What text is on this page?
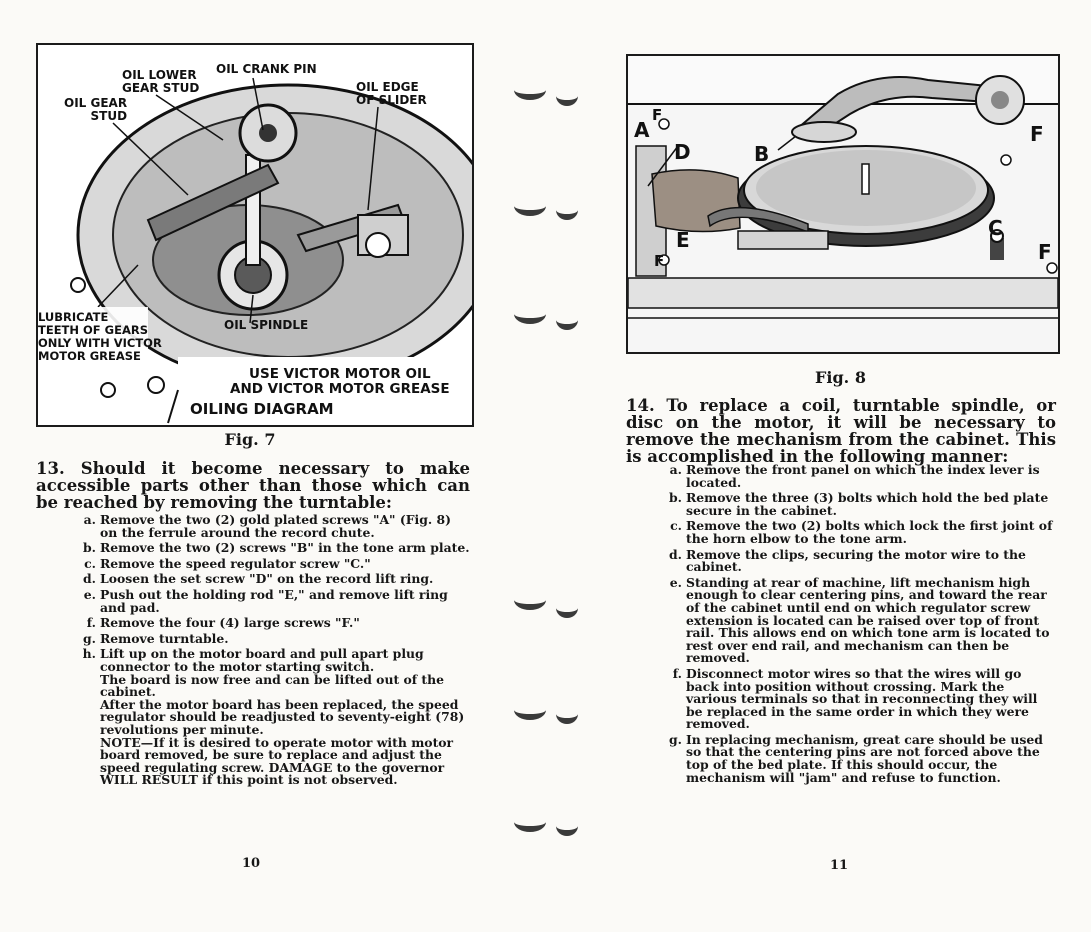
OIL LOWER
GEAR STUD
OIL CRANK PIN
OIL EDGE
OF SLIDER
OIL GEAR
STUD
LUBRICATE
TEETH OF GEARS
ONLY WITH VICTOR
MOTOR GREASE
OIL SPINDLE
USE VICTOR MOTOR OIL
AND VICTOR MOTOR GREASE
OILING DIAGRAM
Fig. 7
13. Should it become necessary to make accessible parts other than those which can be reached by removing the turntable:
a. Remove the two (2) gold plated screws "A" (Fig. 8) on the ferrule around the record chute.
b. Remove the two (2) screws "B" in the tone arm plate.
c. Remove the speed regulator screw "C."
d. Loosen the set screw "D" on the record lift ring.
e. Push out the holding rod "E," and remove lift ring and pad.
f. Remove the four (4) large screws "F."
g. Remove turntable.
h. Lift up on the motor board and pull apart plug connector to the motor starting switch.
The board is now free and can be lifted out of the cabinet.
After the motor board has been replaced, the speed regulator should be readjusted to seventy-eight (78) revolutions per minute.
NOTE—If it is desired to operate motor with motor board removed, be sure to replace and adjust the speed regulating screw. DAMAGE to the governor WILL RESULT if this point is not observed.
10
A
F
D	B
E
F
C
F
F
Fig. 8
14. To replace a coil, turntable spindle, or disc on the motor, it will be necessary to remove the mechanism from the cabinet. This is accomplished in the following manner:
a. Remove the front panel on which the index lever is located.
b. Remove the three (3) bolts which hold the bed plate secure in the cabinet.
c. Remove the two (2) bolts which lock the first joint of the horn elbow to the tone arm.
d. Remove the clips, securing the motor wire to the cabinet.
e. Standing at rear of machine, lift mechanism high enough to clear centering pins, and toward the rear of the cabinet until end on which regulator screw extension is located can be raised over top of front rail. This allows end on which tone arm is located to rest over end rail, and mechanism can then be removed.
f. Disconnect motor wires so that the wires will go back into position without crossing. Mark the various terminals so that in reconnecting they will be replaced in the same order in which they were removed.
g. In replacing mechanism, great care should be used so that the centering pins are not forced above the top of the bed plate. If this should occur, the mechanism will "jam" and refuse to function.
11
